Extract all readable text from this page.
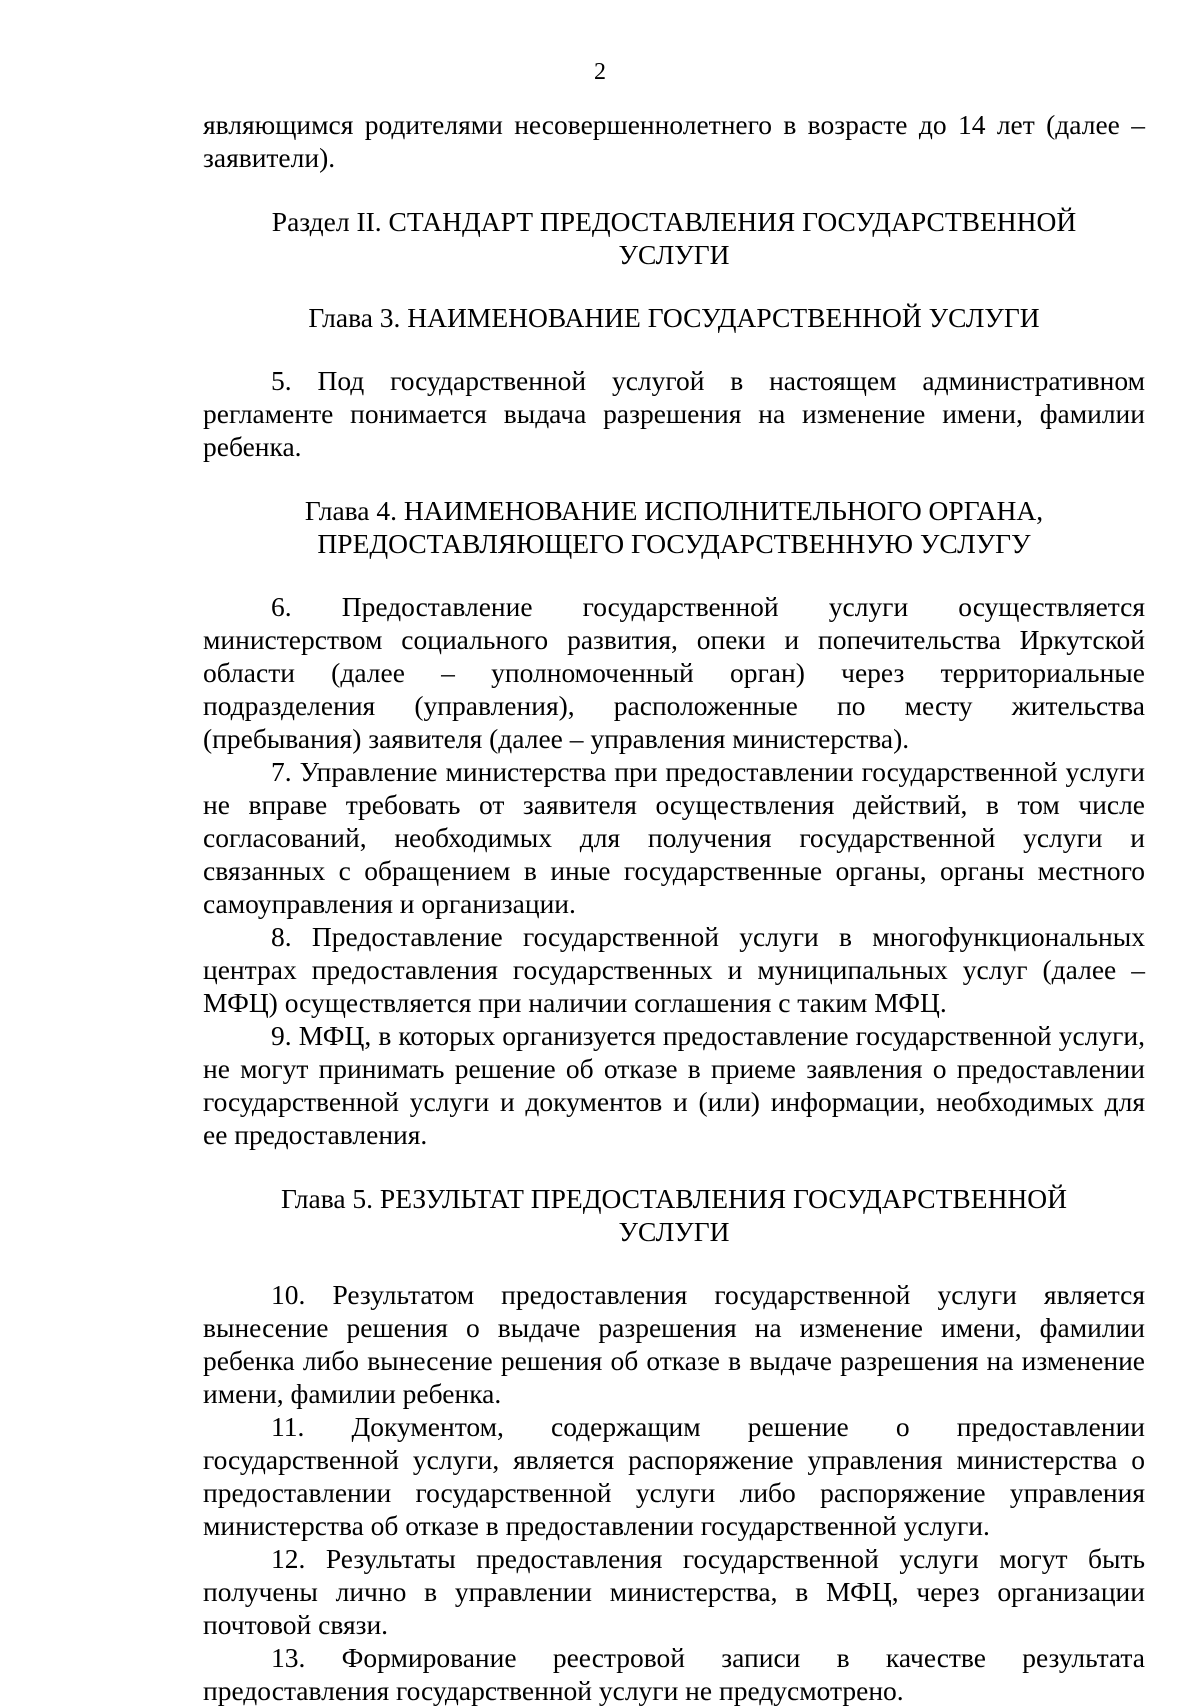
2

являющимся родителями несовершеннолетнего в возрасте до 14 лет (далее – заявители).

Раздел II. СТАНДАРТ ПРЕДОСТАВЛЕНИЯ ГОСУДАРСТВЕННОЙ
УСЛУГИ
Глава 3. НАИМЕНОВАНИЕ ГОСУДАРСТВЕННОЙ УСЛУГИ

5. Под государственной услугой в настоящем административном регламенте понимается выдача разрешения на изменение имени, фамилии ребенка.

Глава 4. НАИМЕНОВАНИЕ ИСПОЛНИТЕЛЬНОГО ОРГАНА,
ПРЕДОСТАВЛЯЮЩЕГО ГОСУДАРСТВЕННУЮ УСЛУГУ

6. Предоставление государственной услуги осуществляется министерством социального развития, опеки и попечительства Иркутской области (далее – уполномоченный орган) через территориальные подразделения (управления), расположенные по месту жительства (пребывания) заявителя (далее – управления министерства).

7. Управление министерства при предоставлении государственной услуги не вправе требовать от заявителя осуществления действий, в том числе согласований, необходимых для получения государственной услуги и связанных с обращением в иные государственные органы, органы местного самоуправления и организации.

8. Предоставление государственной услуги в многофункциональных центрах предоставления государственных и муниципальных услуг (далее – МФЦ) осуществляется при наличии соглашения с таким МФЦ.

9. МФЦ, в которых организуется предоставление государственной услуги, не могут принимать решение об отказе в приеме заявления о предоставлении государственной услуги и документов и (или) информации, необходимых для ее предоставления.

Глава 5. РЕЗУЛЬТАТ ПРЕДОСТАВЛЕНИЯ ГОСУДАРСТВЕННОЙ
УСЛУГИ

10. Результатом предоставления государственной услуги является вынесение решения о выдаче разрешения на изменение имени, фамилии ребенка либо вынесение решения об отказе в выдаче разрешения на изменение имени, фамилии ребенка.

11. Документом, содержащим решение о предоставлении государственной услуги, является распоряжение управления министерства о предоставлении государственной услуги либо распоряжение управления министерства об отказе в предоставлении государственной услуги.

12. Результаты предоставления государственной услуги могут быть получены лично в управлении министерства, в МФЦ, через организации почтовой связи.

13. Формирование реестровой записи в качестве результата предоставления государственной услуги не предусмотрено.
